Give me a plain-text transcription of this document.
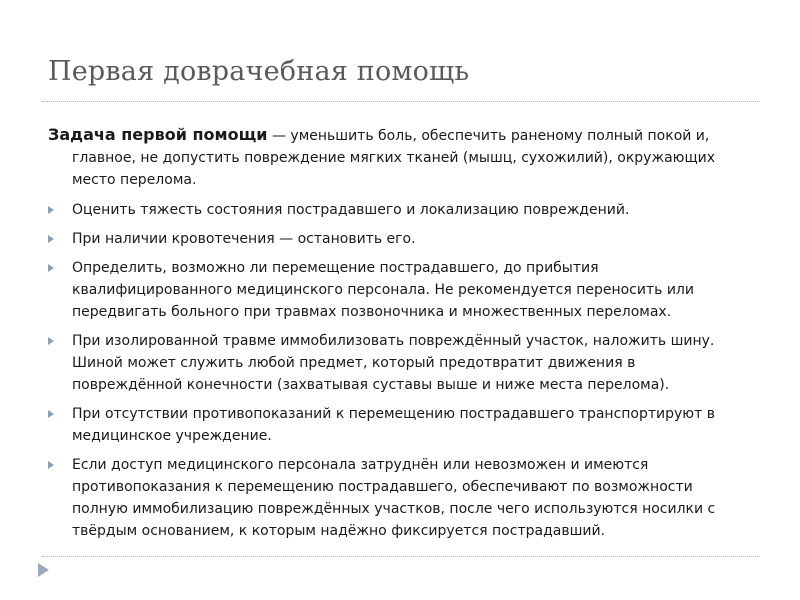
Первая доврачебная помощь

Задача первой помощи — уменьшить боль, обеспечить раненому полный покой и, главное, не допустить повреждение мягких тканей (мышц, сухожилий), окружающих место перелома.

Оценить тяжесть состояния пострадавшего и локализацию повреждений.
При наличии кровотечения — остановить его.
Определить, возможно ли перемещение пострадавшего, до прибытия квалифицированного медицинского персонала. Не рекомендуется переносить или передвигать больного при травмах позвоночника и множественных переломах.
При изолированной травме иммобилизовать повреждённый участок, наложить шину. Шиной может служить любой предмет, который предотвратит движения в повреждённой конечности (захватывая суставы выше и ниже места перелома).
При отсутствии противопоказаний к перемещению пострадавшего транспортируют в медицинское учреждение.
Если доступ медицинского персонала затруднён или невозможен и имеются противопоказания к перемещению пострадавшего, обеспечивают по возможности полную иммобилизацию повреждённых участков, после чего используются носилки с твёрдым основанием, к которым надёжно фиксируется пострадавший.
